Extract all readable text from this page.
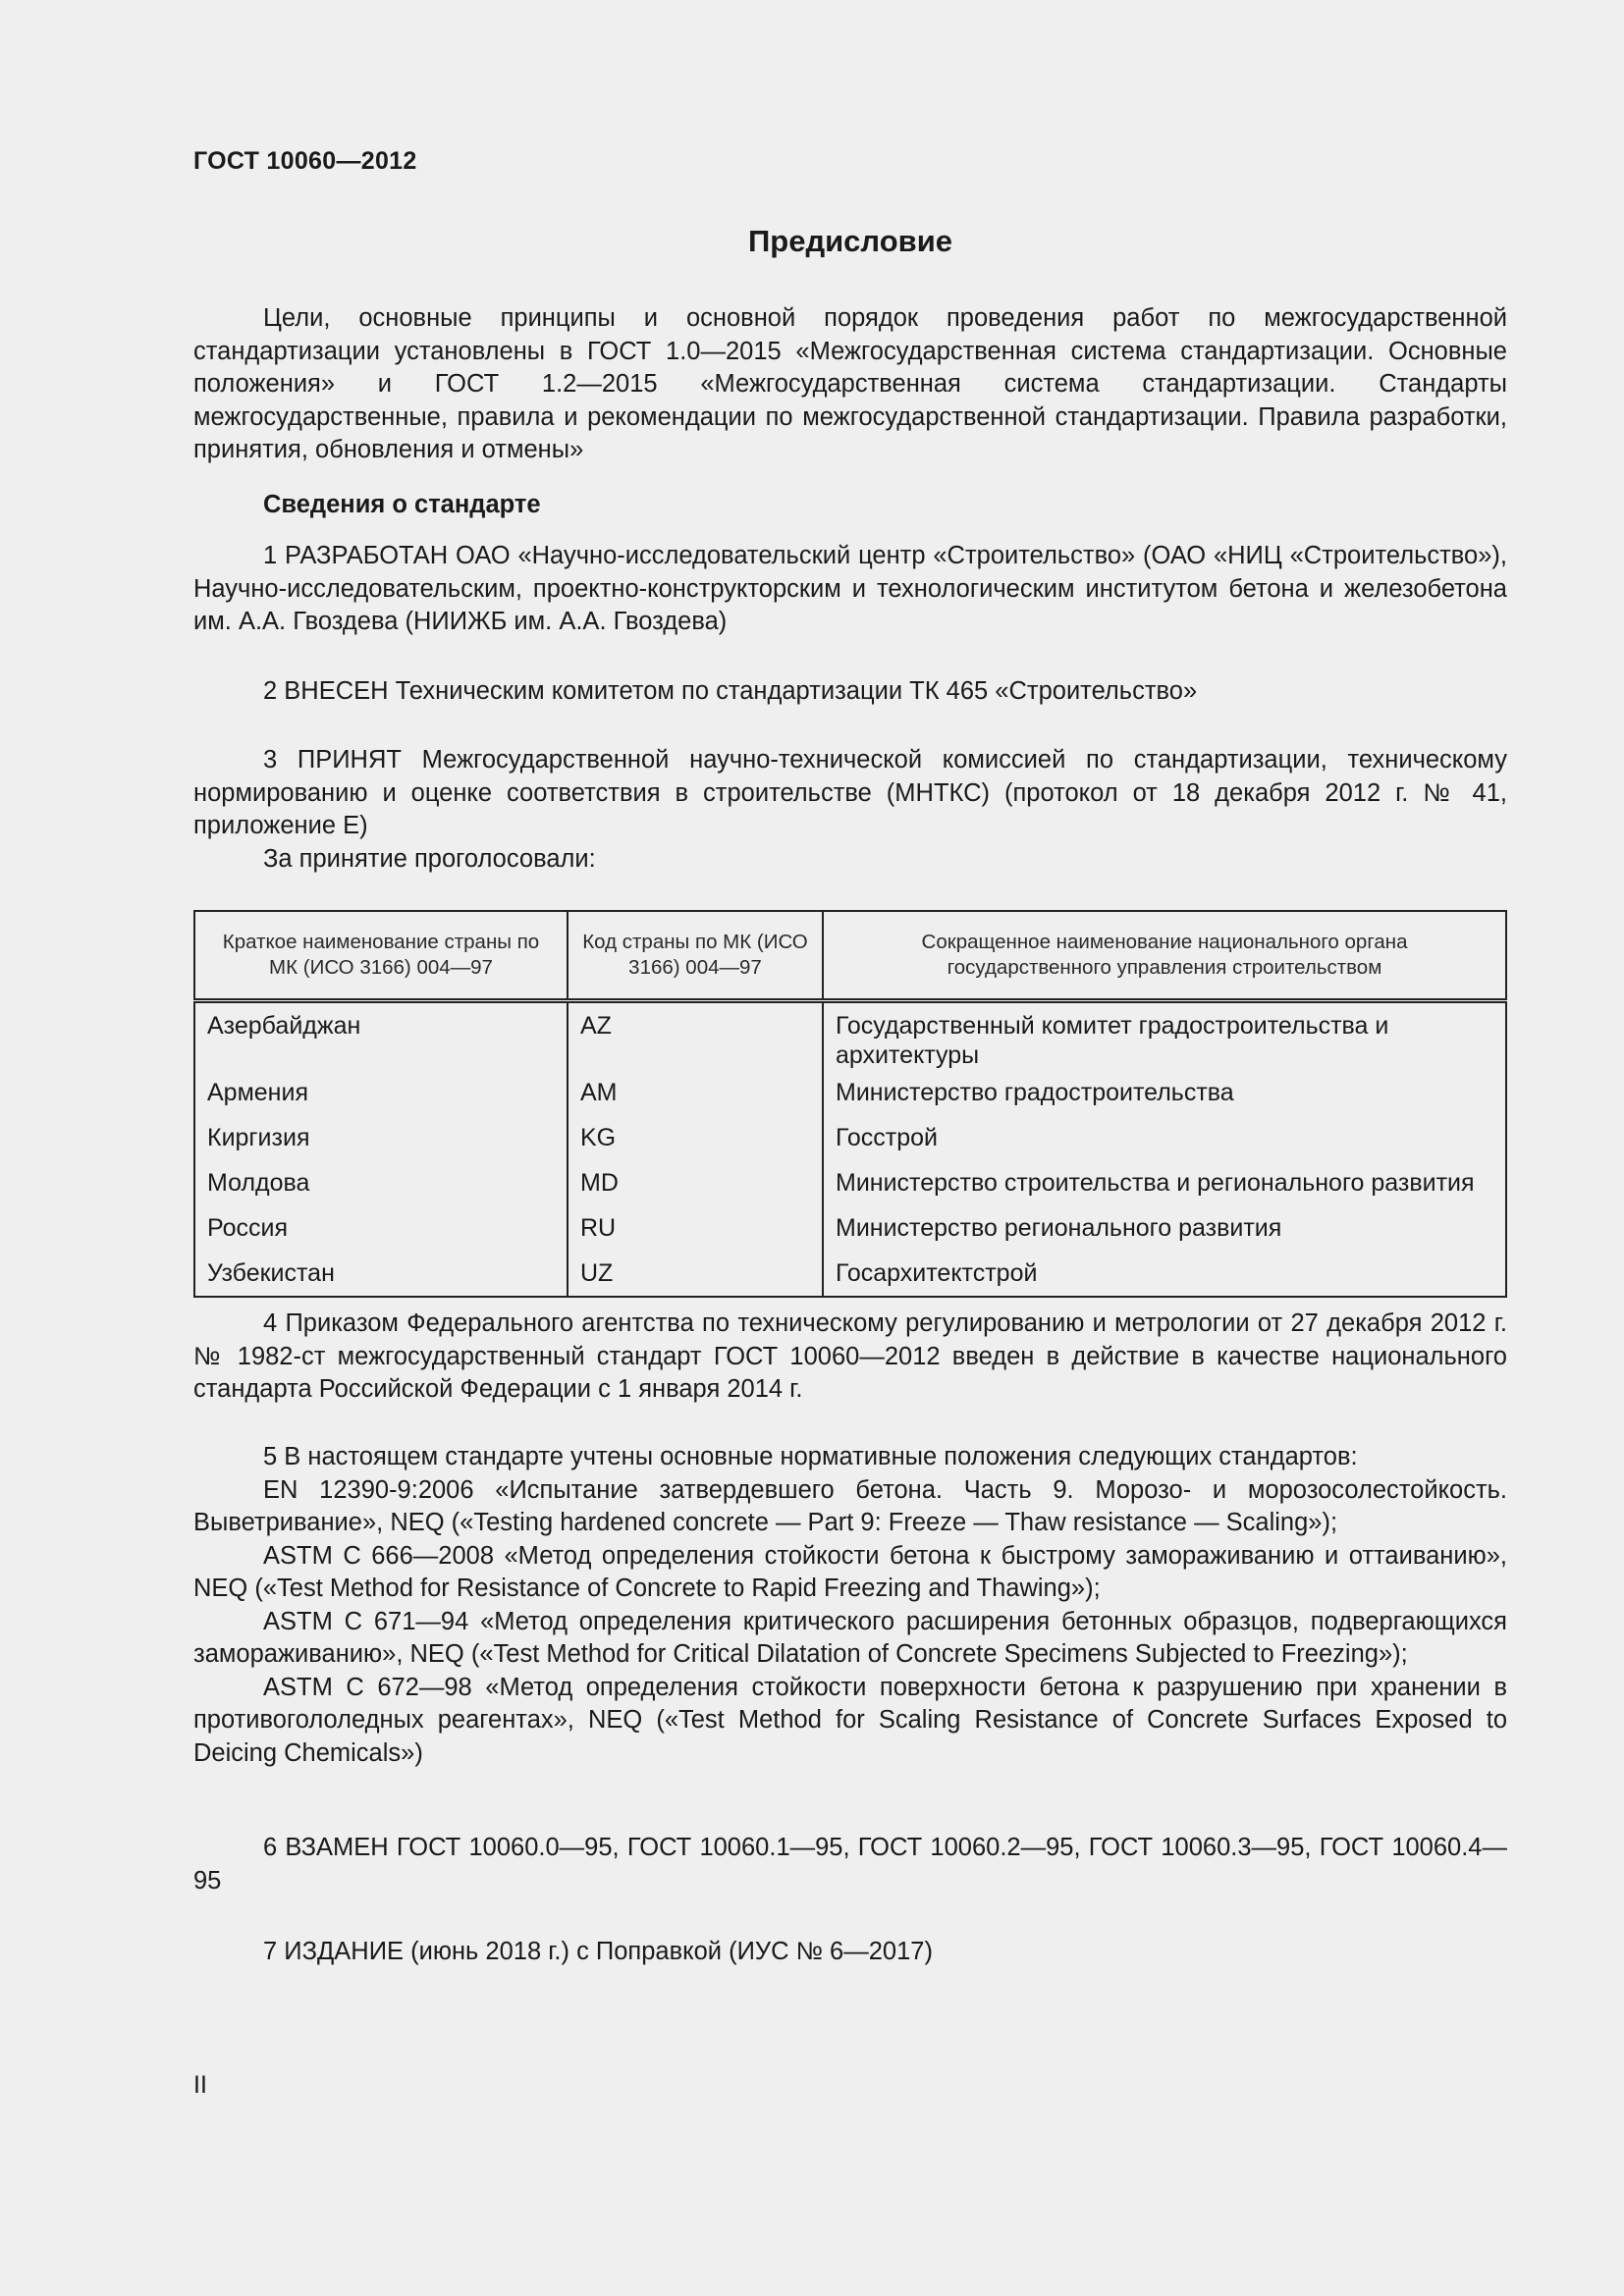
ГОСТ 10060—2012
Предисловие

Цели, основные принципы и основной порядок проведения работ по межгосударственной стандартизации установлены в ГОСТ 1.0—2015 «Межгосударственная система стандартизации. Основные положения» и ГОСТ 1.2—2015 «Межгосударственная система стандартизации. Стандарты межгосударственные, правила и рекомендации по межгосударственной стандартизации. Правила разработки, принятия, обновления и отмены»

Сведения о стандарте

1 РАЗРАБОТАН ОАО «Научно-исследовательский центр «Строительство» (ОАО «НИЦ «Строительство»), Научно-исследовательским, проектно-конструкторским и технологическим институтом бетона и железобетона им. А.А. Гвоздева (НИИЖБ им. А.А. Гвоздева)

2 ВНЕСЕН Техническим комитетом по стандартизации ТК 465 «Строительство»

3 ПРИНЯТ Межгосударственной научно-технической комиссией по стандартизации, техническому нормированию и оценке соответствия в строительстве (МНТКС) (протокол от 18 декабря 2012 г. № 41, приложение Е)

За принятие проголосовали:

Краткое наименование страны по МК (ИСО 3166) 004—97	Код страны по МК (ИСО 3166) 004—97	Сокращенное наименование национального органа государственного управления строительством
Азербайджан	AZ	Государственный комитет градостроительства и архитектуры
Армения	AM	Министерство градостроительства
Киргизия	KG	Госстрой
Молдова	MD	Министерство строительства и регионального развития
Россия	RU	Министерство регионального развития
Узбекистан	UZ	Госархитектстрой

4 Приказом Федерального агентства по техническому регулированию и метрологии от 27 декабря 2012 г. № 1982-ст межгосударственный стандарт ГОСТ 10060—2012 введен в действие в качестве национального стандарта Российской Федерации с 1 января 2014 г.

5 В настоящем стандарте учтены основные нормативные положения следующих стандартов:

EN 12390-9:2006 «Испытание затвердевшего бетона. Часть 9. Морозо- и морозосолестойкость. Выветривание», NEQ («Testing hardened concrete — Part 9: Freeze — Thaw resistance — Scaling»);

ASTM C 666—2008 «Метод определения стойкости бетона к быстрому замораживанию и оттаиванию», NEQ («Test Method for Resistance of Concrete to Rapid Freezing and Thawing»);

ASTM C 671—94 «Метод определения критического расширения бетонных образцов, подвергающихся замораживанию», NEQ («Test Method for Critical Dilatation of Concrete Specimens Subjected to Freezing»);

ASTM C 672—98 «Метод определения стойкости поверхности бетона к разрушению при хранении в противогололедных реагентах», NEQ («Test Method for Scaling Resistance of Concrete Surfaces Exposed to Deicing Chemicals»)

6 ВЗАМЕН ГОСТ 10060.0—95, ГОСТ 10060.1—95, ГОСТ 10060.2—95, ГОСТ 10060.3—95, ГОСТ 10060.4—95

7 ИЗДАНИЕ (июнь 2018 г.) с Поправкой (ИУС № 6—2017)

II
